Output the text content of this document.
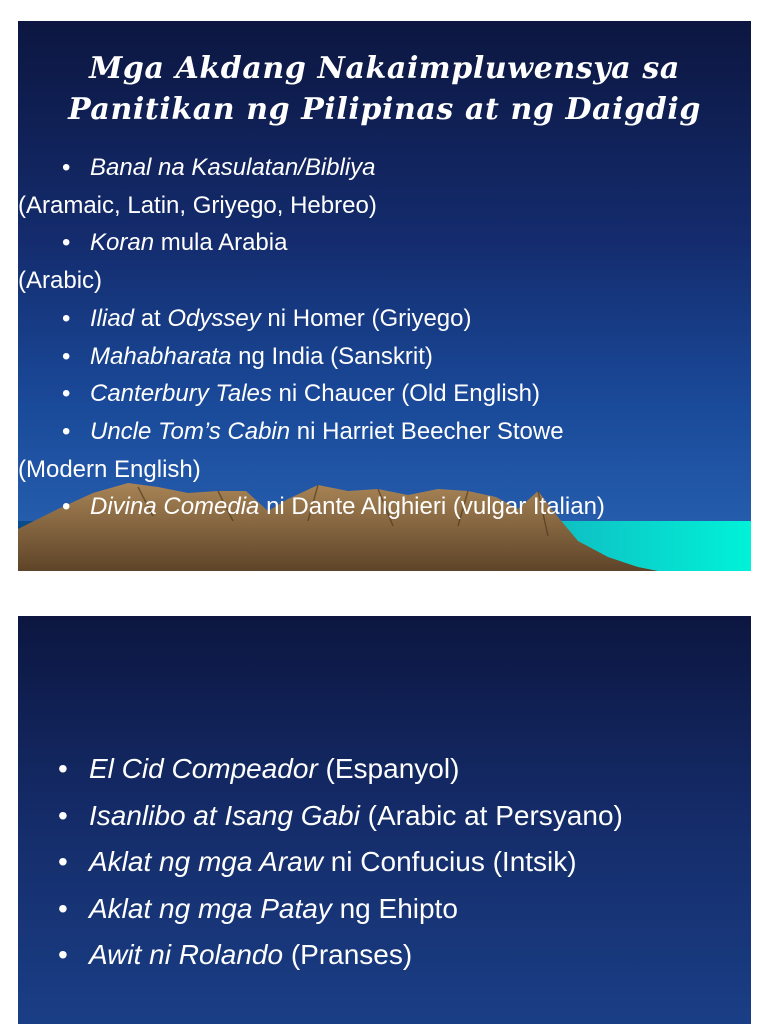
Mga Akdang Nakaimpluwensya sa
Panitikan ng Pilipinas at ng Daigdig
• Banal na Kasulatan/Bibliya
(Aramaic, Latin, Griyego, Hebreo)
• Koran mula Arabia
(Arabic)
• Iliad at Odyssey ni Homer (Griyego)
• Mahabharata ng India (Sanskrit)
• Canterbury Tales ni Chaucer (Old English)
• Uncle Tom’s Cabin ni Harriet Beecher Stowe
(Modern English)
• Divina Comedia ni Dante Alighieri (vulgar Italian)
• El Cid Compeador (Espanyol)
• Isanlibo at Isang Gabi (Arabic at Persyano)
• Aklat ng mga Araw ni Confucius (Intsik)
• Aklat ng mga Patay ng Ehipto
• Awit ni Rolando (Pranses)
